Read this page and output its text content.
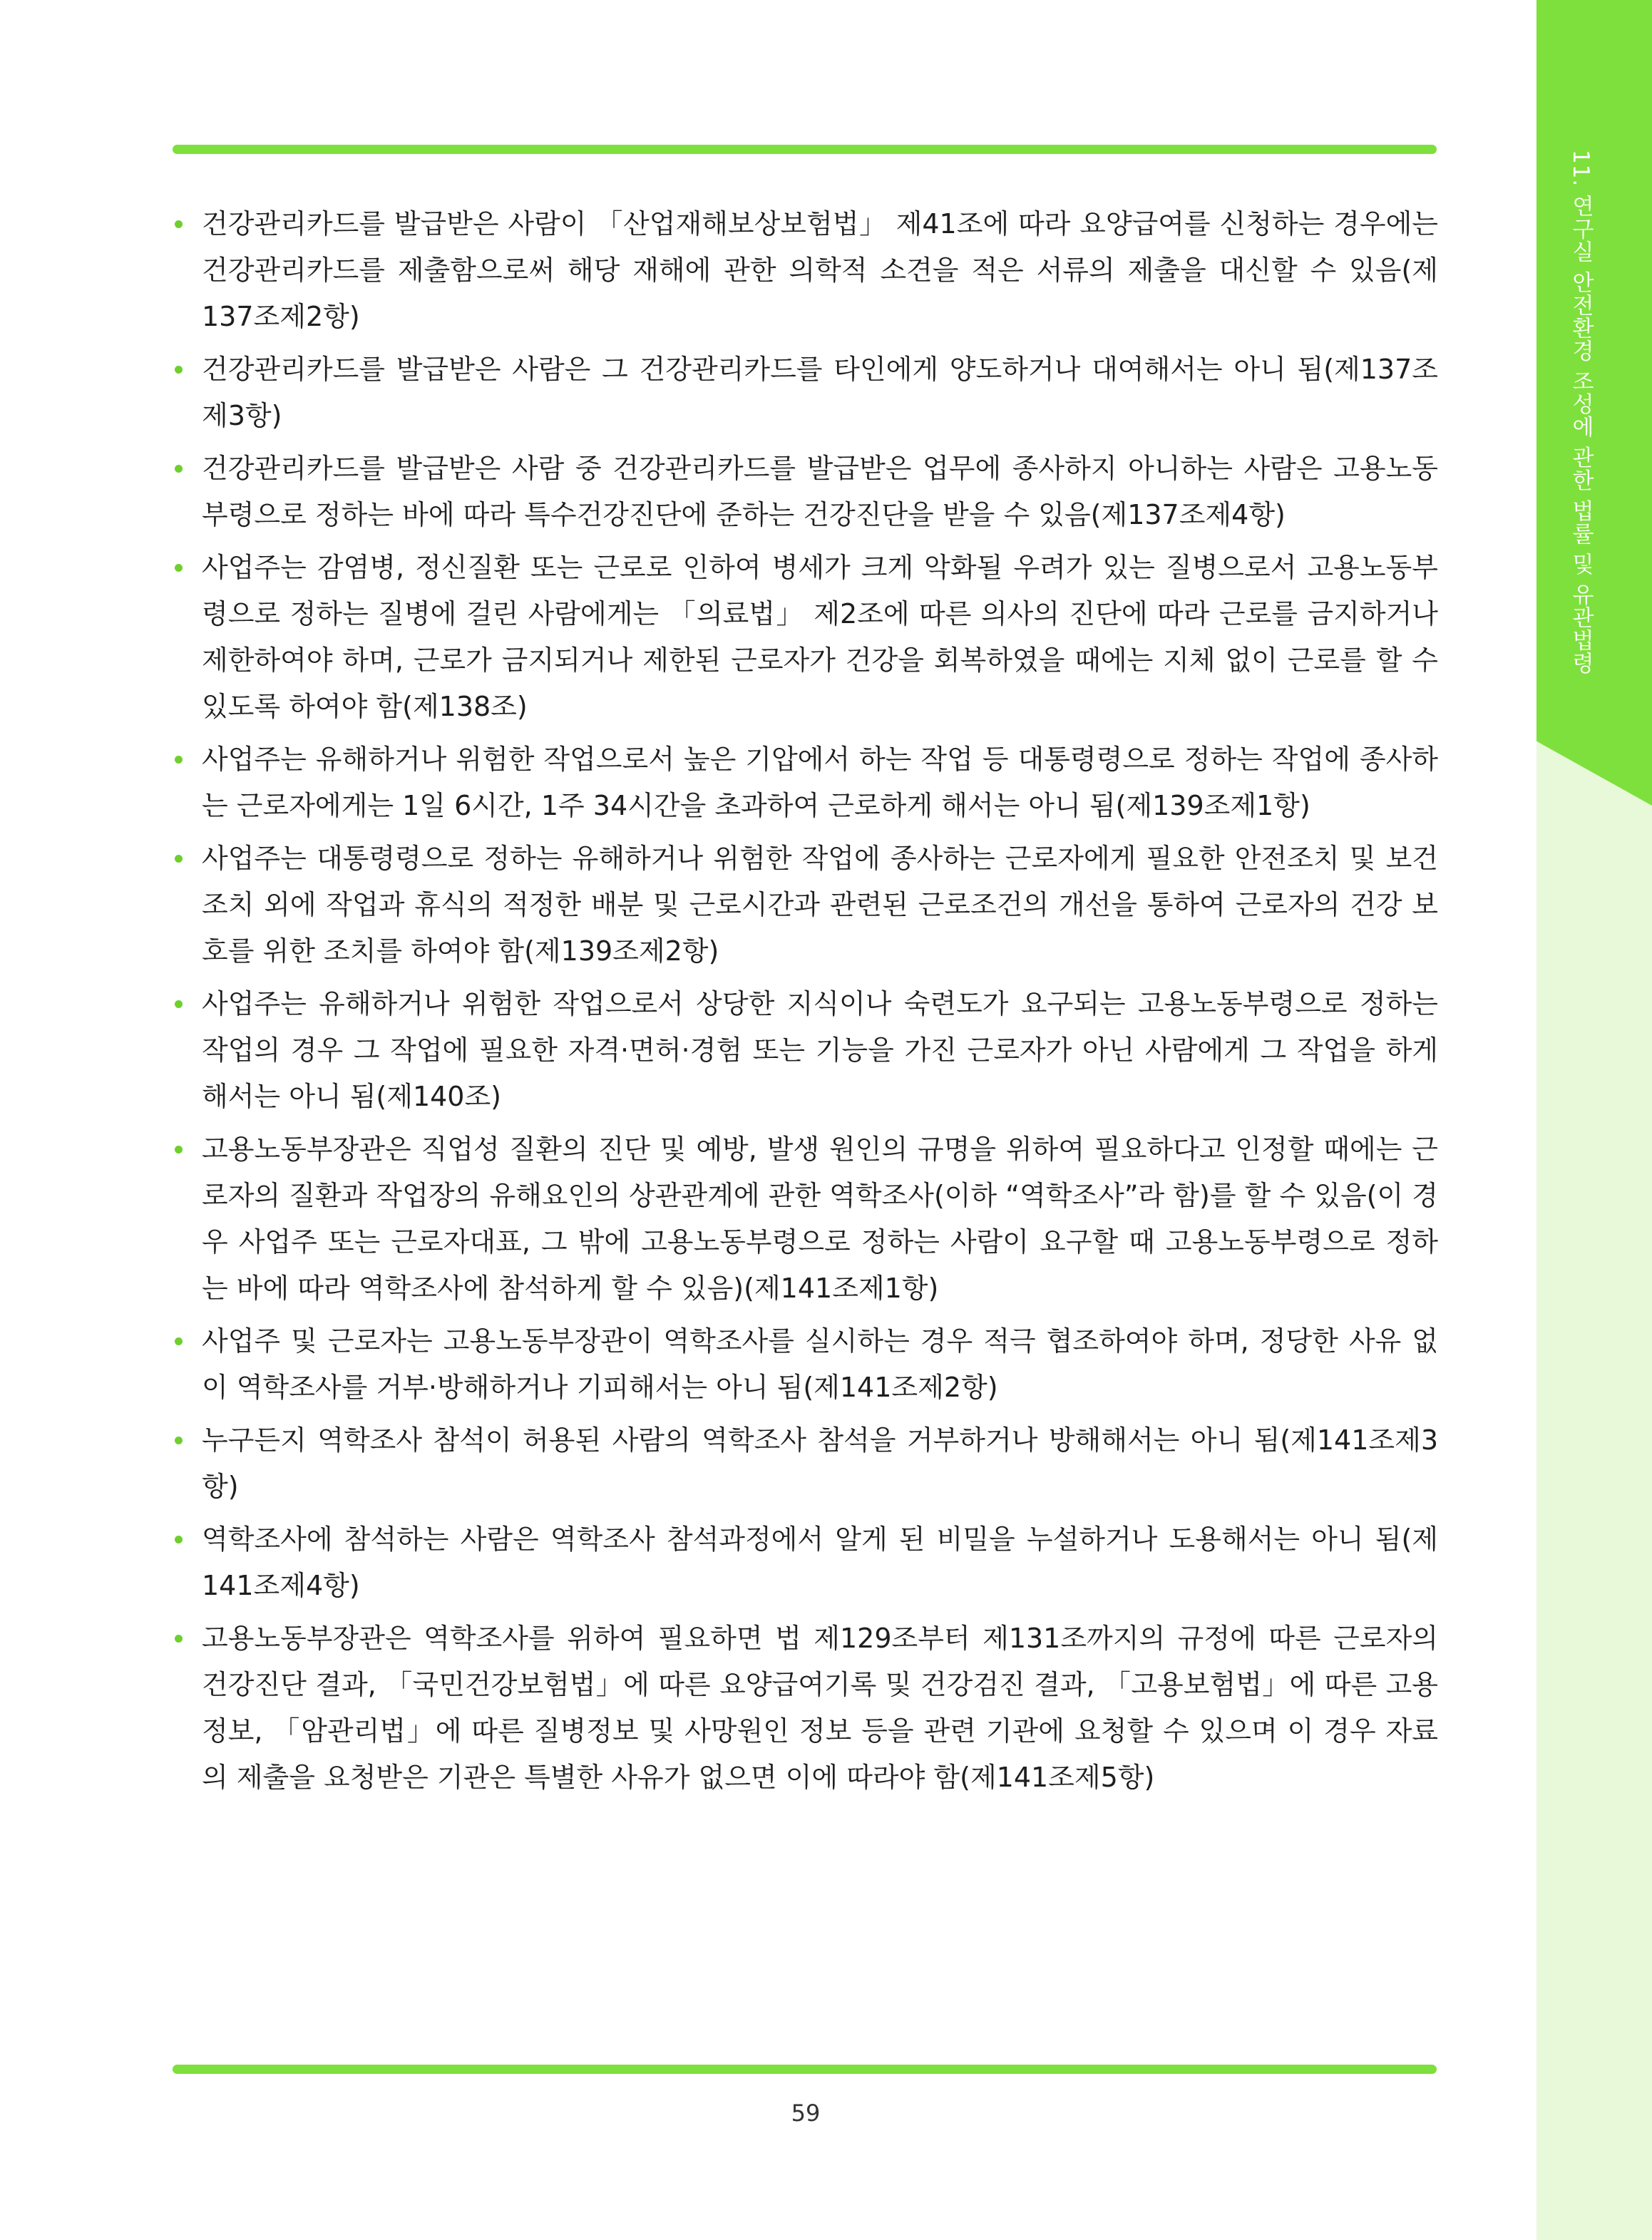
11. 연구실 안전환경 조성에 관한 법률 및 유관법령
건강관리카드를 발급받은 사람이 「산업재해보상보험법」 제41조에 따라 요양급여를 신청하는 경우에는 건강관리카드를 제출함으로써 해당 재해에 관한 의학적 소견을 적은 서류의 제출을 대신할 수 있음(제137조제2항)
건강관리카드를 발급받은 사람은 그 건강관리카드를 타인에게 양도하거나 대여해서는 아니 됨(제137조제3항)
건강관리카드를 발급받은 사람 중 건강관리카드를 발급받은 업무에 종사하지 아니하는 사람은 고용노동부령으로 정하는 바에 따라 특수건강진단에 준하는 건강진단을 받을 수 있음(제137조제4항)
사업주는 감염병, 정신질환 또는 근로로 인하여 병세가 크게 악화될 우려가 있는 질병으로서 고용노동부령으로 정하는 질병에 걸린 사람에게는 「의료법」 제2조에 따른 의사의 진단에 따라 근로를 금지하거나 제한하여야 하며, 근로가 금지되거나 제한된 근로자가 건강을 회복하였을 때에는 지체 없이 근로를 할 수 있도록 하여야 함(제138조)
사업주는 유해하거나 위험한 작업으로서 높은 기압에서 하는 작업 등 대통령령으로 정하는 작업에 종사하는 근로자에게는 1일 6시간, 1주 34시간을 초과하여 근로하게 해서는 아니 됨(제139조제1항)
사업주는 대통령령으로 정하는 유해하거나 위험한 작업에 종사하는 근로자에게 필요한 안전조치 및 보건조치 외에 작업과 휴식의 적정한 배분 및 근로시간과 관련된 근로조건의 개선을 통하여 근로자의 건강 보호를 위한 조치를 하여야 함(제139조제2항)
사업주는 유해하거나 위험한 작업으로서 상당한 지식이나 숙련도가 요구되는 고용노동부령으로 정하는 작업의 경우 그 작업에 필요한 자격·면허·경험 또는 기능을 가진 근로자가 아닌 사람에게 그 작업을 하게 해서는 아니 됨(제140조)
고용노동부장관은 직업성 질환의 진단 및 예방, 발생 원인의 규명을 위하여 필요하다고 인정할 때에는 근로자의 질환과 작업장의 유해요인의 상관관계에 관한 역학조사(이하 “역학조사”라 함)를 할 수 있음(이 경우 사업주 또는 근로자대표, 그 밖에 고용노동부령으로 정하는 사람이 요구할 때 고용노동부령으로 정하는 바에 따라 역학조사에 참석하게 할 수 있음)(제141조제1항)
사업주 및 근로자는 고용노동부장관이 역학조사를 실시하는 경우 적극 협조하여야 하며, 정당한 사유 없이 역학조사를 거부·방해하거나 기피해서는 아니 됨(제141조제2항)
누구든지 역학조사 참석이 허용된 사람의 역학조사 참석을 거부하거나 방해해서는 아니 됨(제141조제3항)
역학조사에 참석하는 사람은 역학조사 참석과정에서 알게 된 비밀을 누설하거나 도용해서는 아니 됨(제141조제4항)
고용노동부장관은 역학조사를 위하여 필요하면 법 제129조부터 제131조까지의 규정에 따른 근로자의 건강진단 결과, 「국민건강보험법」에 따른 요양급여기록 및 건강검진 결과, 「고용보험법」에 따른 고용정보, 「암관리법」에 따른 질병정보 및 사망원인 정보 등을 관련 기관에 요청할 수 있으며 이 경우 자료의 제출을 요청받은 기관은 특별한 사유가 없으면 이에 따라야 함(제141조제5항)
59
